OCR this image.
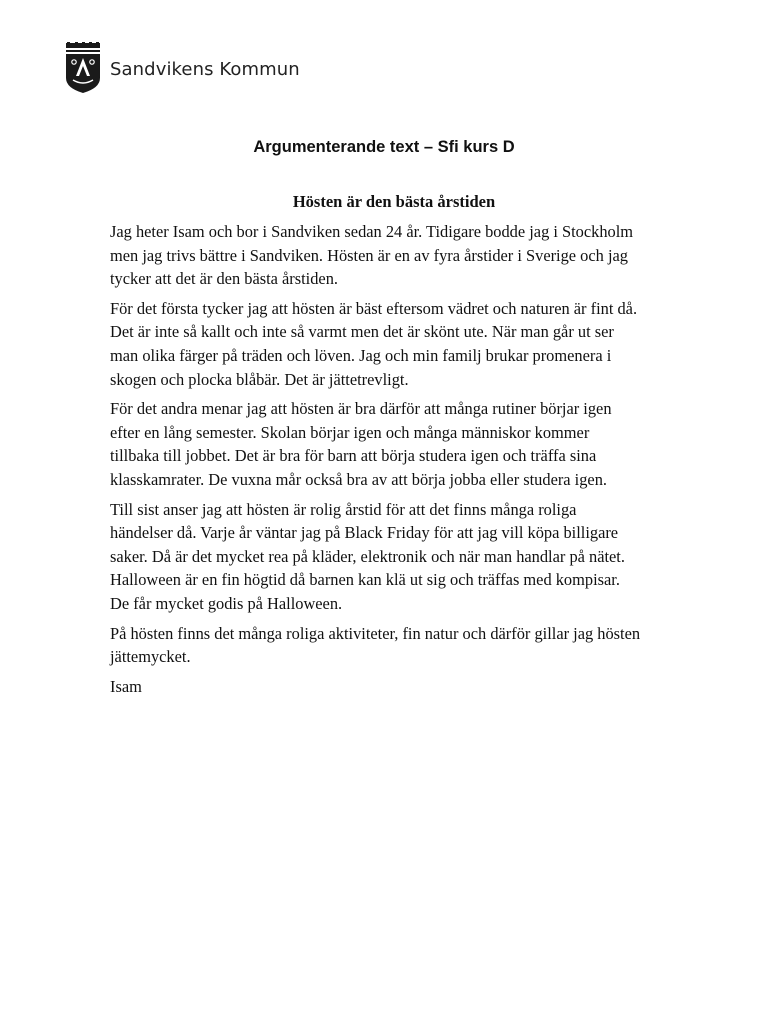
Sandvikens Kommun
Argumenterande text – Sfi kurs D
Hösten är den bästa årstiden

Jag heter Isam och bor i Sandviken sedan 24 år. Tidigare bodde jag i Stockholm
men jag trivs bättre i Sandviken. Hösten är en av fyra årstider i Sverige och jag
tycker att det är den bästa årstiden.

För det första tycker jag att hösten är bäst eftersom vädret och naturen är fint då.
Det är inte så kallt och inte så varmt men det är skönt ute. När man går ut ser
man olika färger på träden och löven. Jag och min familj brukar promenera i
skogen och plocka blåbär. Det är jättetrevligt.

För det andra menar jag att hösten är bra därför att många rutiner börjar igen
efter en lång semester. Skolan börjar igen och många människor kommer
tillbaka till jobbet. Det är bra för barn att börja studera igen och träffa sina
klasskamrater. De vuxna mår också bra av att börja jobba eller studera igen.

Till sist anser jag att hösten är rolig årstid för att det finns många roliga
händelser då. Varje år väntar jag på Black Friday för att jag vill köpa billigare
saker. Då är det mycket rea på kläder, elektronik och när man handlar på nätet.
Halloween är en fin högtid då barnen kan klä ut sig och träffas med kompisar.
De får mycket godis på Halloween.

På hösten finns det många roliga aktiviteter, fin natur och därför gillar jag hösten
jättemycket.

Isam
